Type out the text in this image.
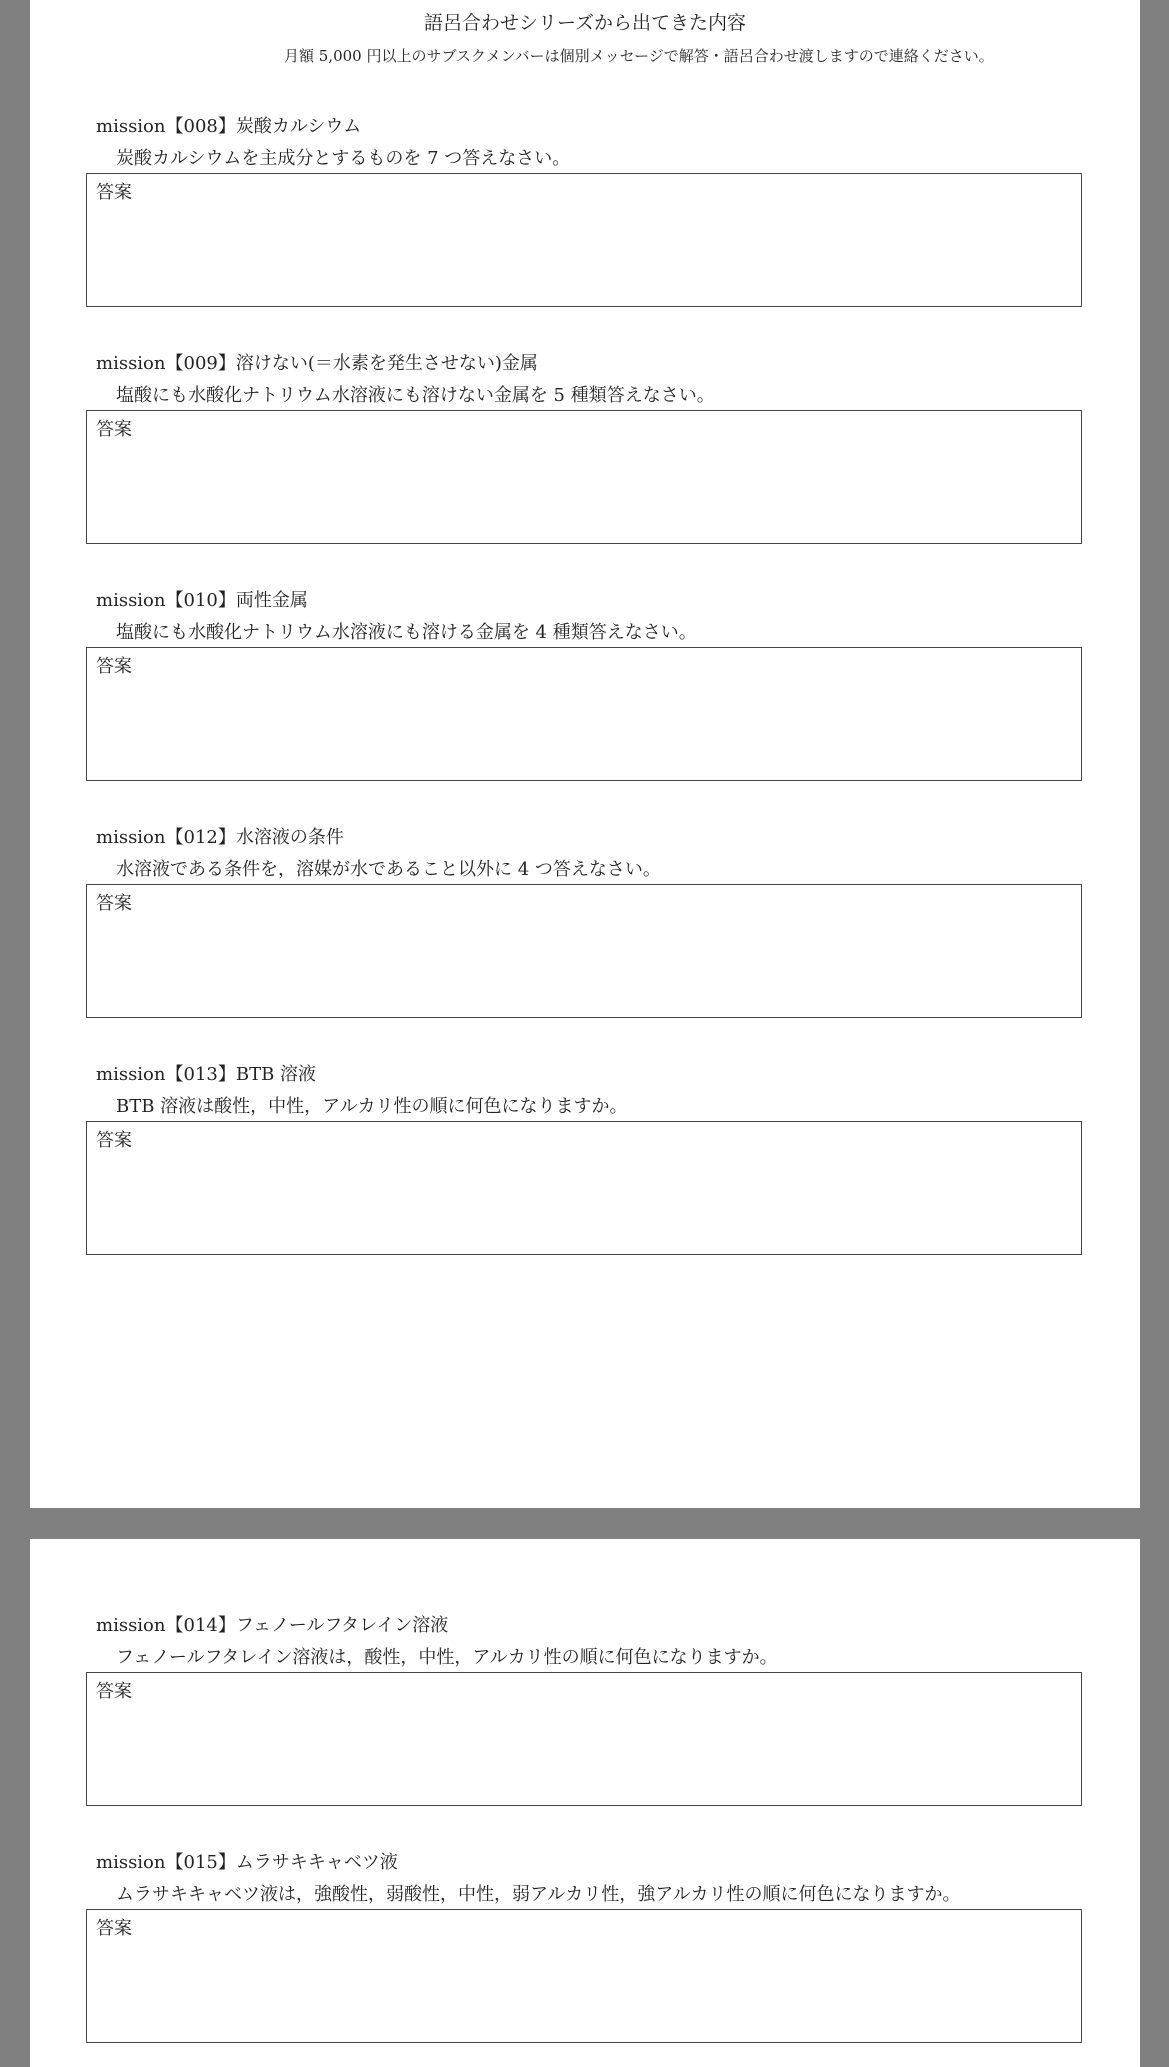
語呂合わせシリーズから出てきた内容
月額 5,000 円以上のサブスクメンバーは個別メッセージで解答・語呂合わせ渡しますので連絡ください。
mission【008】炭酸カルシウム
炭酸カルシウムを主成分とするものを 7 つ答えなさい。
答案
mission【009】溶けない(＝水素を発生させない)金属
塩酸にも水酸化ナトリウム水溶液にも溶けない金属を 5 種類答えなさい。
答案
mission【010】両性金属
塩酸にも水酸化ナトリウム水溶液にも溶ける金属を 4 種類答えなさい。
答案
mission【012】水溶液の条件
水溶液である条件を，溶媒が水であること以外に 4 つ答えなさい。
答案
mission【013】BTB 溶液
BTB 溶液は酸性，中性，アルカリ性の順に何色になりますか。
答案
mission【014】フェノールフタレイン溶液
フェノールフタレイン溶液は，酸性，中性，アルカリ性の順に何色になりますか。
答案
mission【015】ムラサキキャベツ液
ムラサキキャベツ液は，強酸性，弱酸性，中性，弱アルカリ性，強アルカリ性の順に何色になりますか。
答案
